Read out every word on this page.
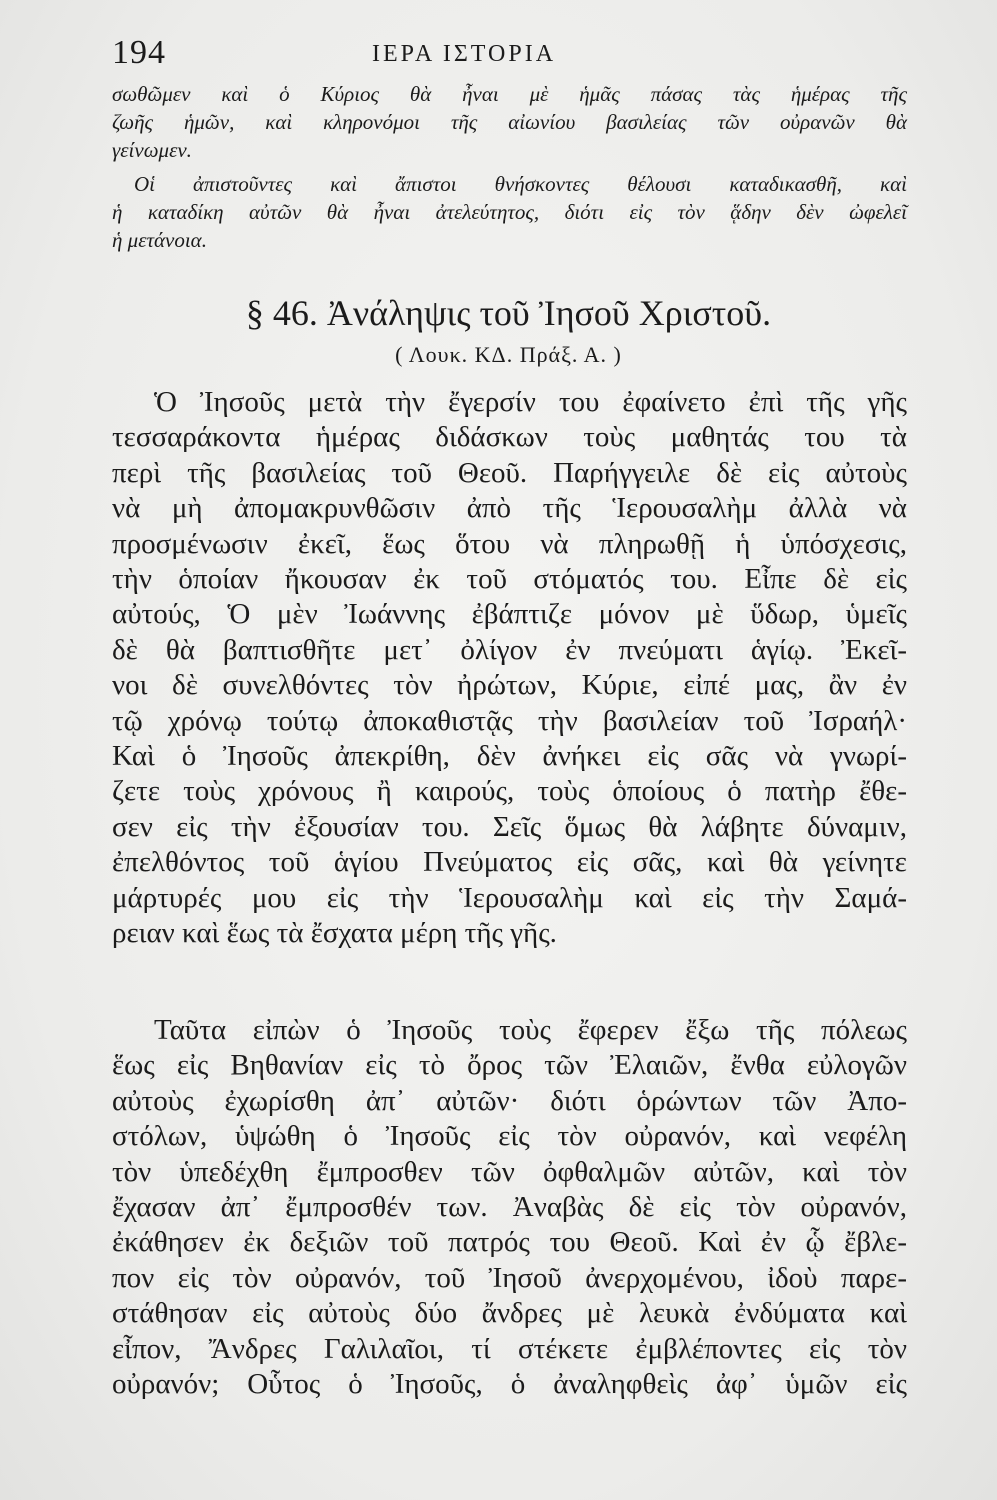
194	ΙΕΡΑ ΙΣΤΟΡΙΑ
σωθῶμεν καὶ ὁ Κύριος θὰ ἦναι μὲ ἡμᾶς πάσας τὰς ἡμέρας τῆς
ζωῆς ἡμῶν, καὶ κληρονόμοι τῆς αἰωνίου βασιλείας τῶν οὐρανῶν θὰ
γείνωμεν.
Οἱ ἀπιστοῦντες καὶ ἄπιστοι θνήσκοντες θέλουσι καταδικασθῆ, καὶ
ἡ καταδίκη αὐτῶν θὰ ἦναι ἀτελεύτητος, διότι εἰς τὸν ᾅδην δὲν ὠφελεῖ
ἡ μετάνοια.
§ 46. Ἀνάληψις τοῦ Ἰησοῦ Χριστοῦ.
( Λουκ. ΚΔ. Πράξ. Α. )
Ὁ Ἰησοῦς μετὰ τὴν ἔγερσίν του ἐφαίνετο ἐπὶ τῆς γῆς
τεσσαράκοντα ἡμέρας διδάσκων τοὺς μαθητάς του τὰ
περὶ τῆς βασιλείας τοῦ Θεοῦ. Παρήγγειλε δὲ εἰς αὐτοὺς
νὰ μὴ ἀπομακρυνθῶσιν ἀπὸ τῆς Ἱερουσαλὴμ ἀλλὰ νὰ
προσμένωσιν ἐκεῖ, ἕως ὅτου νὰ πληρωθῇ ἡ ὑπόσχεσις,
τὴν ὁποίαν ἤκουσαν ἐκ τοῦ στόματός του. Εἶπε δὲ εἰς
αὐτούς, Ὁ μὲν Ἰωάννης ἐβάπτιζε μόνον μὲ ὕδωρ, ὑμεῖς
δὲ θὰ βαπτισθῆτε μετ᾽ ὀλίγον ἐν πνεύματι ἁγίῳ. Ἐκεῖ-
νοι δὲ συνελθόντες τὸν ἠρώτων, Κύριε, εἰπέ μας, ἂν ἐν
τῷ χρόνῳ τούτῳ ἀποκαθιστᾷς τὴν βασιλείαν τοῦ Ἰσραήλ·
Καὶ ὁ Ἰησοῦς ἀπεκρίθη, δὲν ἀνήκει εἰς σᾶς νὰ γνωρί-
ζετε τοὺς χρόνους ἢ καιρούς, τοὺς ὁποίους ὁ πατὴρ ἔθε-
σεν εἰς τὴν ἐξουσίαν του. Σεῖς ὅμως θὰ λάβητε δύναμιν,
ἐπελθόντος τοῦ ἁγίου Πνεύματος εἰς σᾶς, καὶ θὰ γείνητε
μάρτυρές μου εἰς τὴν Ἱερουσαλὴμ καὶ εἰς τὴν Σαμά-
ρειαν καὶ ἕως τὰ ἔσχατα μέρη τῆς γῆς.
Ταῦτα εἰπὼν ὁ Ἰησοῦς τοὺς ἔφερεν ἔξω τῆς πόλεως
ἕως εἰς Βηθανίαν εἰς τὸ ὄρος τῶν Ἐλαιῶν, ἔνθα εὐλογῶν
αὐτοὺς ἐχωρίσθη ἀπ᾽ αὐτῶν· διότι ὁρώντων τῶν Ἀπο-
στόλων, ὑψώθη ὁ Ἰησοῦς εἰς τὸν οὐρανόν, καὶ νεφέλη
τὸν ὑπεδέχθη ἔμπροσθεν τῶν ὀφθαλμῶν αὐτῶν, καὶ τὸν
ἔχασαν ἀπ᾽ ἔμπροσθέν των. Ἀναβὰς δὲ εἰς τὸν οὐρανόν,
ἐκάθησεν ἐκ δεξιῶν τοῦ πατρός του Θεοῦ. Καὶ ἐν ᾧ ἔβλε-
πον εἰς τὸν οὐρανόν, τοῦ Ἰησοῦ ἀνερχομένου, ἰδοὺ παρε-
στάθησαν εἰς αὐτοὺς δύο ἄνδρες μὲ λευκὰ ἐνδύματα καὶ
εἶπον, Ἄνδρες Γαλιλαῖοι, τί στέκετε ἐμβλέποντες εἰς τὸν
οὐρανόν; Οὗτος ὁ Ἰησοῦς, ὁ ἀναληφθεὶς ἀφ᾽ ὑμῶν εἰς
